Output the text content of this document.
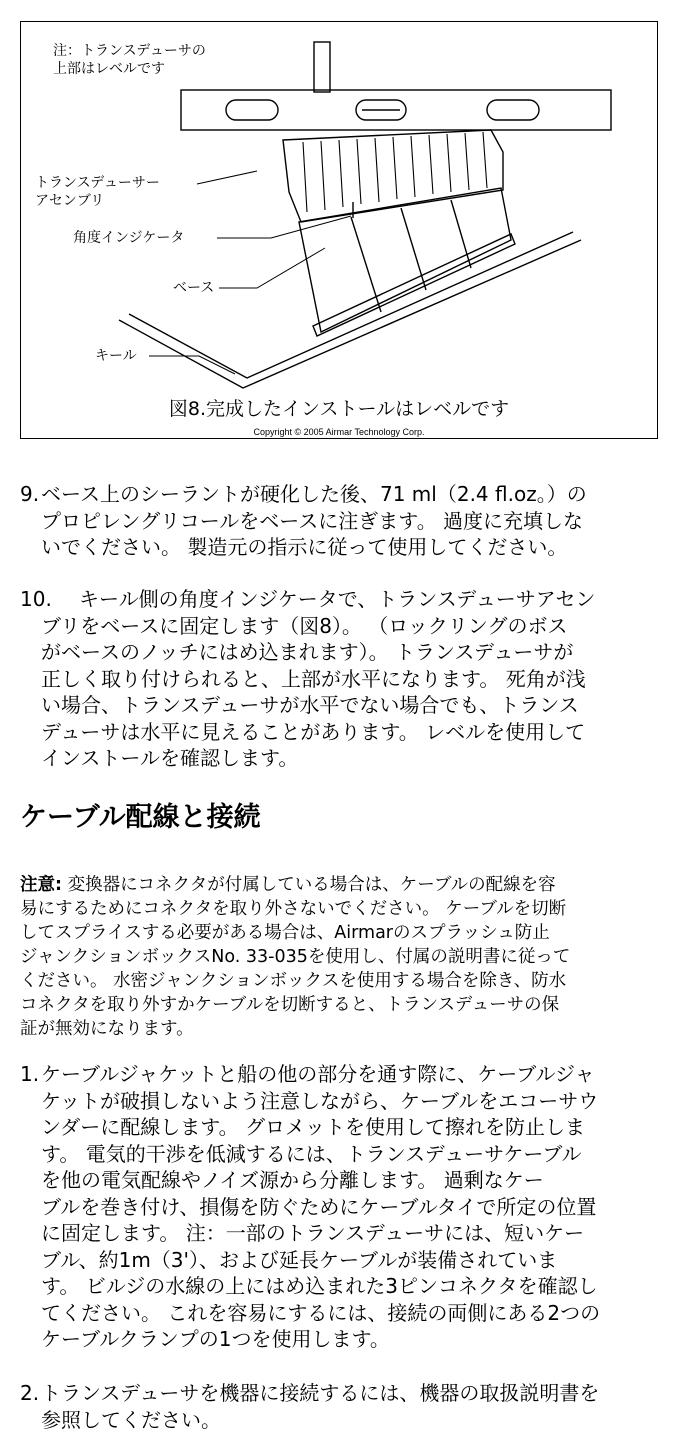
注：トランスデューサの
上部はレベルです
トランスデューサー
アセンブリ
角度インジケータ
ベース
キール
図8.完成したインストールはレベルです
Copyright © 2005 Airmar Technology Corp.
9. ベース上のシーラントが硬化した後、71 ml（2.4 fl.oz。）の
プロピレングリコールをベースに注ぎます。 過度に充填しな
いでください。 製造元の指示に従って使用してください。
10.	キール側の角度インジケータで、トランスデューサアセン
ブリをベースに固定します（図8）。 （ロックリングのボス
がベースのノッチにはめ込まれます）。 トランスデューサが
正しく取り付けられると、上部が水平になります。 死角が浅
い場合、トランスデューサが水平でない場合でも、トランス
デューサは水平に見えることがあります。 レベルを使用して
インストールを確認します。
ケーブル配線と接続
注意: 変換器にコネクタが付属している場合は、ケーブルの配線を容
易にするためにコネクタを取り外さないでください。 ケーブルを切断
してスプライスする必要がある場合は、Airmarのスプラッシュ防止
ジャンクションボックスNo. 33-035を使用し、付属の説明書に従って
ください。 水密ジャンクションボックスを使用する場合を除き、防水
コネクタを取り外すかケーブルを切断すると、トランスデューサの保
証が無効になります。
1. ケーブルジャケットと船の他の部分を通す際に、ケーブルジャ
ケットが破損しないよう注意しながら、ケーブルをエコーサウ
ンダーに配線します。 グロメットを使用して擦れを防止しま
す。 電気的干渉を低減するには、トランスデューサケーブル
を他の電気配線やノイズ源から分離します。 過剰なケー
ブルを巻き付け、損傷を防ぐためにケーブルタイで所定の位置
に固定します。 注：一部のトランスデューサには、短いケー
ブル、約1m（3'）、および延長ケーブルが装備されていま
す。 ビルジの水線の上にはめ込まれた3ピンコネクタを確認し
てください。 これを容易にするには、接続の両側にある2つの
ケーブルクランプの1つを使用します。
2. トランスデューサを機器に接続するには、機器の取扱説明書を
参照してください。
